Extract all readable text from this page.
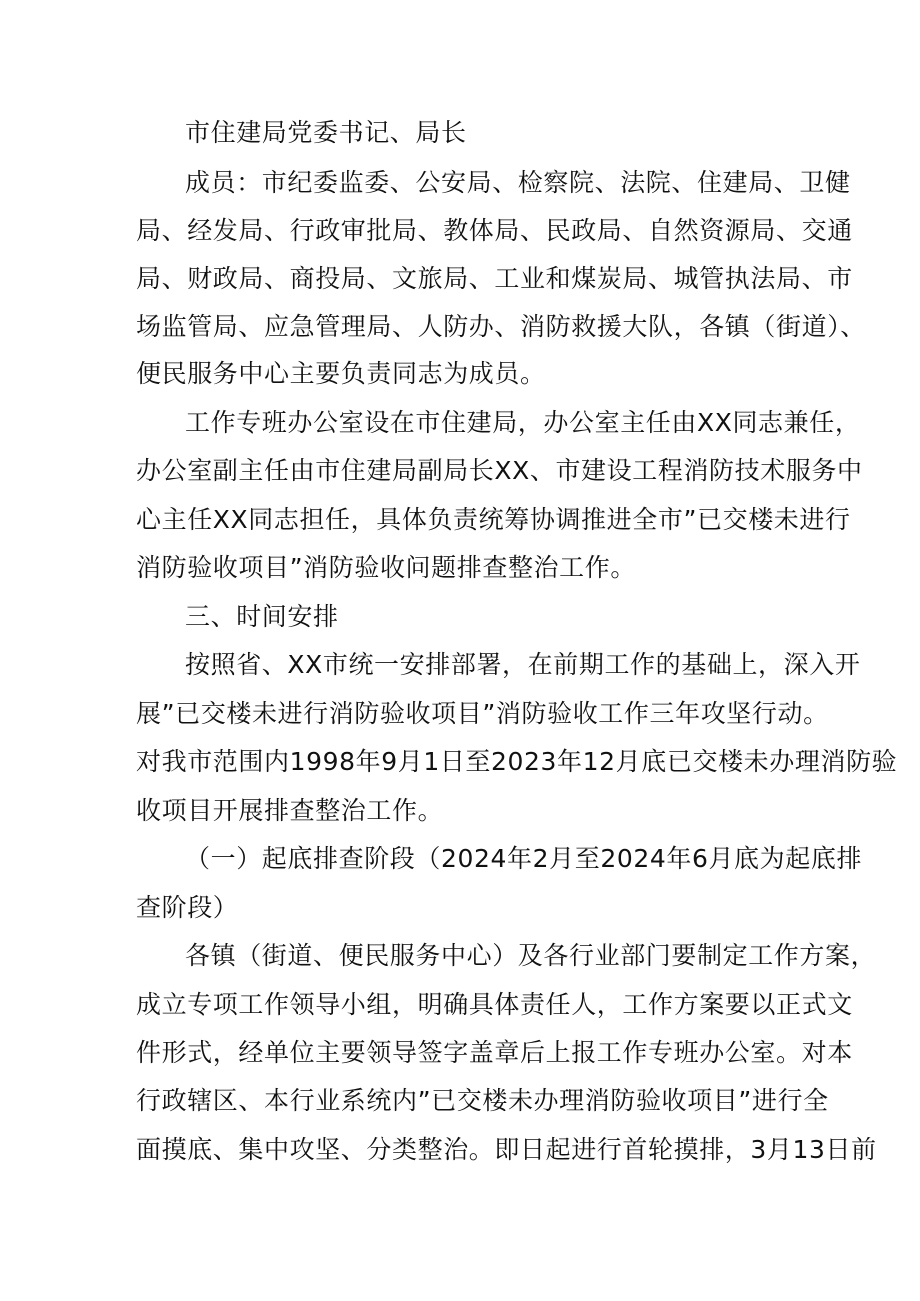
市住建局党委书记、局长
成员：市纪委监委、公安局、检察院、法院、住建局、卫健
局、经发局、行政审批局、教体局、民政局、自然资源局、交通
局、财政局、商投局、文旅局、工业和煤炭局、城管执法局、市
场监管局、应急管理局、人防办、消防救援大队，各镇（街道）、
便民服务中心主要负责同志为成员。
工作专班办公室设在市住建局，办公室主任由XX同志兼任，
办公室副主任由市住建局副局长XX、市建设工程消防技术服务中
心主任XX同志担任，具体负责统筹协调推进全市”已交楼未进行
消防验收项目”消防验收问题排查整治工作。
三、时间安排
按照省、XX市统一安排部署，在前期工作的基础上，深入开
展”已交楼未进行消防验收项目”消防验收工作三年攻坚行动。
对我市范围内1998年9月1日至2023年12月底已交楼未办理消防验
收项目开展排查整治工作。
（一）起底排查阶段（2024年2月至2024年6月底为起底排
查阶段）
各镇（街道、便民服务中心）及各行业部门要制定工作方案，
成立专项工作领导小组，明确具体责任人，工作方案要以正式文
件形式，经单位主要领导签字盖章后上报工作专班办公室。对本
行政辖区、本行业系统内”已交楼未办理消防验收项目”进行全
面摸底、集中攻坚、分类整治。即日起进行首轮摸排，3月13日前
